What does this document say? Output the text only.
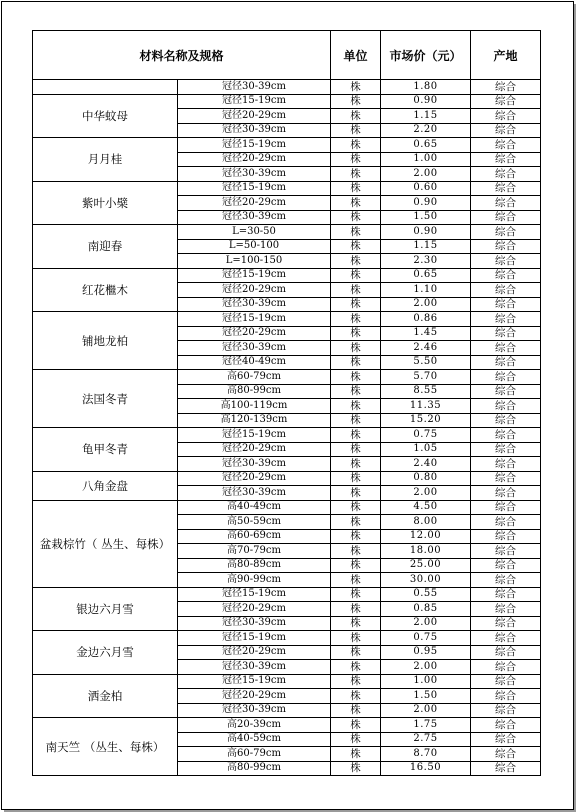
材料名称及规格		单位	市场价（元）	产地
	冠径30-39cm	株	1.80	综合
中华蚊母	冠径15-19cm	株	0.90	综合
	冠径20-29cm	株	1.15	综合
	冠径30-39cm	株	2.20	综合
月月桂	冠径15-19cm	株	0.65	综合
	冠径20-29cm	株	1.00	综合
	冠径30-39cm	株	2.00	综合
紫叶小檗	冠径15-19cm	株	0.60	综合
	冠径20-29cm	株	0.90	综合
	冠径30-39cm	株	1.50	综合
南迎春	L=30-50	株	0.90	综合
	L=50-100	株	1.15	综合
	L=100-150	株	2.30	综合
红花檵木	冠径15-19cm	株	0.65	综合
	冠径20-29cm	株	1.10	综合
	冠径30-39cm	株	2.00	综合
铺地龙柏	冠径15-19cm	株	0.86	综合
	冠径20-29cm	株	1.45	综合
	冠径30-39cm	株	2.46	综合
	冠径40-49cm	株	5.50	综合
法国冬青	高60-79cm	株	5.70	综合
	高80-99cm	株	8.55	综合
	高100-119cm	株	11.35	综合
	高120-139cm	株	15.20	综合
龟甲冬青	冠径15-19cm	株	0.75	综合
	冠径20-29cm	株	1.05	综合
	冠径30-39cm	株	2.40	综合
八角金盘	冠径20-29cm	株	0.80	综合
	冠径30-39cm	株	2.00	综合
盆栽棕竹（ 丛生、每株）	高40-49cm	株	4.50	综合
	高50-59cm	株	8.00	综合
	高60-69cm	株	12.00	综合
	高70-79cm	株	18.00	综合
	高80-89cm	株	25.00	综合
	高90-99cm	株	30.00	综合
银边六月雪	冠径15-19cm	株	0.55	综合
	冠径20-29cm	株	0.85	综合
	冠径30-39cm	株	2.00	综合
金边六月雪	冠径15-19cm	株	0.75	综合
	冠径20-29cm	株	0.95	综合
	冠径30-39cm	株	2.00	综合
洒金柏	冠径15-19cm	株	1.00	综合
	冠径20-29cm	株	1.50	综合
	冠径30-39cm	株	2.00	综合
南天竺 （丛生、每株）	高20-39cm	株	1.75	综合
	高40-59cm	株	2.75	综合
	高60-79cm	株	8.70	综合
	高80-99cm	株	16.50	综合
